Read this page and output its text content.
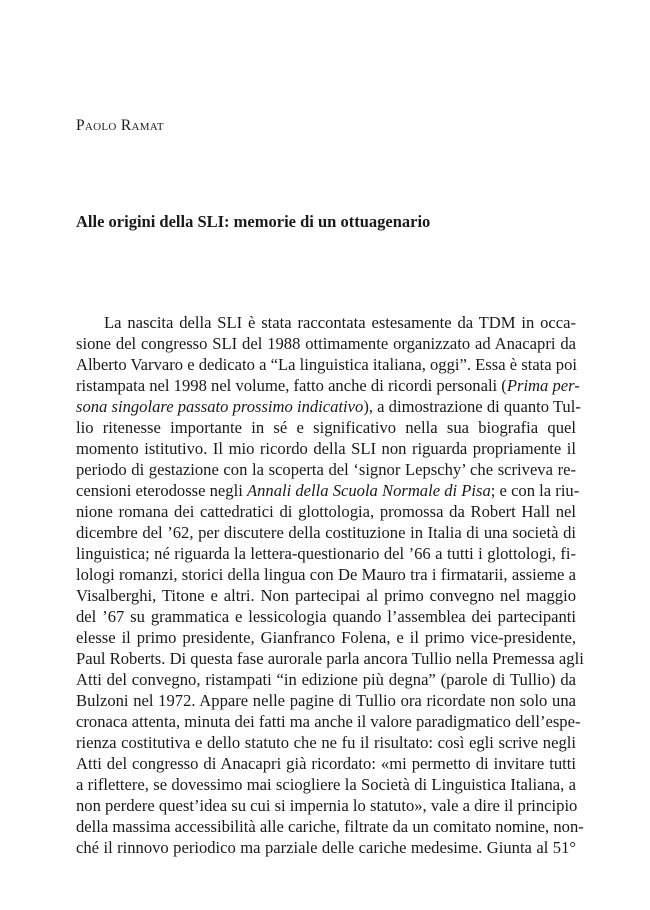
Paolo Ramat

Alle origini della SLI: memorie di un ottuagenario
La nascita della SLI è stata raccontata estesamente da TDM in occa-
sione del congresso SLI del 1988 ottimamente organizzato ad Anacapri da
Alberto Varvaro e dedicato a “La linguistica italiana, oggi”. Essa è stata poi
ristampata nel 1998 nel volume, fatto anche di ricordi personali (Prima per-
sona singolare passato prossimo indicativo), a dimostrazione di quanto Tul-
lio ritenesse importante in sé e significativo nella sua biografia quel
momento istitutivo. Il mio ricordo della SLI non riguarda propriamente il
periodo di gestazione con la scoperta del ‘signor Lepschy’ che scriveva re-
censioni eterodosse negli Annali della Scuola Normale di Pisa; e con la riu-
nione romana dei cattedratici di glottologia, promossa da Robert Hall nel
dicembre del ’62, per discutere della costituzione in Italia di una società di
linguistica; né riguarda la lettera-questionario del ’66 a tutti i glottologi, fi-
lologi romanzi, storici della lingua con De Mauro tra i firmatarii, assieme a
Visalberghi, Titone e altri. Non partecipai al primo convegno nel maggio
del ’67 su grammatica e lessicologia quando l’assemblea dei partecipanti
elesse il primo presidente, Gianfranco Folena, e il primo vice-presidente,
Paul Roberts. Di questa fase aurorale parla ancora Tullio nella Premessa agli
Atti del convegno, ristampati “in edizione più degna” (parole di Tullio) da
Bulzoni nel 1972. Appare nelle pagine di Tullio ora ricordate non solo una
cronaca attenta, minuta dei fatti ma anche il valore paradigmatico dell’espe-
rienza costitutiva e dello statuto che ne fu il risultato: così egli scrive negli
Atti del congresso di Anacapri già ricordato: «mi permetto di invitare tutti
a riflettere, se dovessimo mai sciogliere la Società di Linguistica Italiana, a
non perdere quest’idea su cui si impernia lo statuto», vale a dire il principio
della massima accessibilità alle cariche, filtrate da un comitato nomine, non-
ché il rinnovo periodico ma parziale delle cariche medesime. Giunta al 51°
